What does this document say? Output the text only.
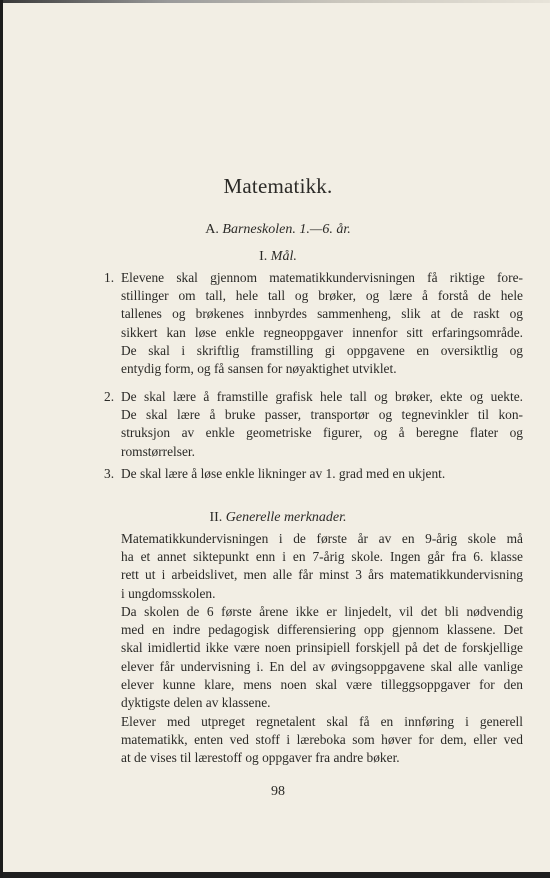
Matematikk.
A. Barneskolen. 1.—6. år.
I. Mål.
1. Elevene skal gjennom matematikkundervisningen få riktige fore-
stillinger om tall, hele tall og brøker, og lære å forstå de hele
tallenes og brøkenes innbyrdes sammenheng, slik at de raskt og
sikkert kan løse enkle regneoppgaver innenfor sitt erfaringsområde.
De skal i skriftlig framstilling gi oppgavene en oversiktlig og
entydig form, og få sansen for nøyaktighet utviklet.
2. De skal lære å framstille grafisk hele tall og brøker, ekte og uekte.
De skal lære å bruke passer, transportør og tegnevinkler til kon-
struksjon av enkle geometriske figurer, og å beregne flater og
romstørrelser.
3. De skal lære å løse enkle likninger av 1. grad med en ukjent.
II. Generelle merknader.
Matematikkundervisningen i de første år av en 9-årig skole må
ha et annet siktepunkt enn i en 7-årig skole. Ingen går fra 6. klasse
rett ut i arbeidslivet, men alle får minst 3 års matematikkundervisning
i ungdomsskolen.
Da skolen de 6 første årene ikke er linjedelt, vil det bli nødvendig
med en indre pedagogisk differensiering opp gjennom klassene. Det
skal imidlertid ikke være noen prinsipiell forskjell på det de forskjellige
elever får undervisning i. En del av øvingsoppgavene skal alle vanlige
elever kunne klare, mens noen skal være tilleggsoppgaver for den
dyktigste delen av klassene.
Elever med utpreget regnetalent skal få en innføring i generell
matematikk, enten ved stoff i læreboka som høver for dem, eller ved
at de vises til lærestoff og oppgaver fra andre bøker.
98
